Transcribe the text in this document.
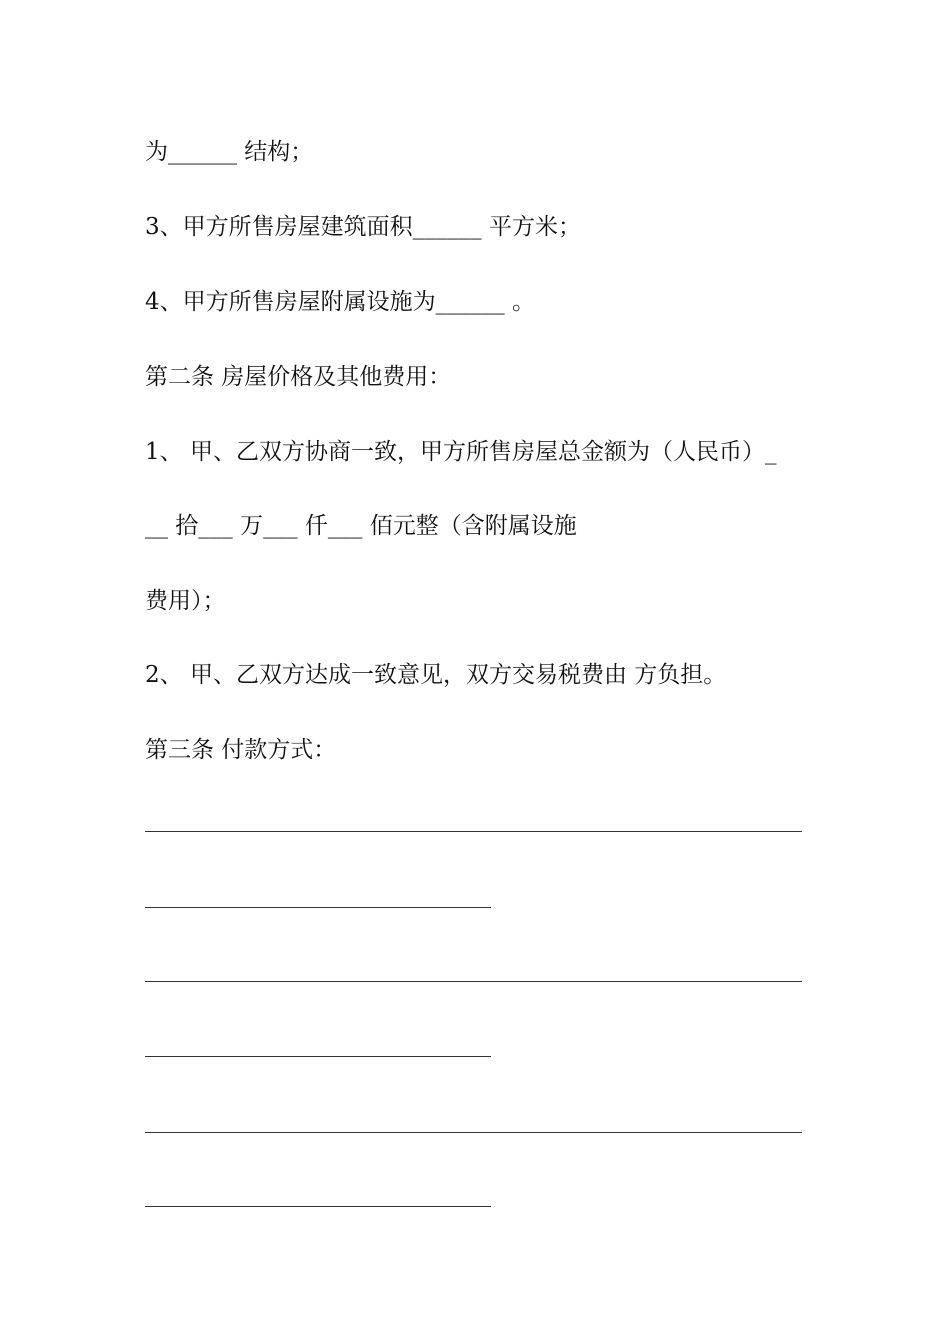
为______ 结构；
3、甲方所售房屋建筑面积______ 平方米；
4、甲方所售房屋附属设施为______ 。
第二条 房屋价格及其他费用：
1、 甲、乙双方协商一致，甲方所售房屋总金额为（人民币）_
__ 拾___ 万___ 仟___ 佰元整（含附属设施
费用）；
2、 甲、乙双方达成一致意见，双方交易税费由 方负担。
第三条 付款方式：
